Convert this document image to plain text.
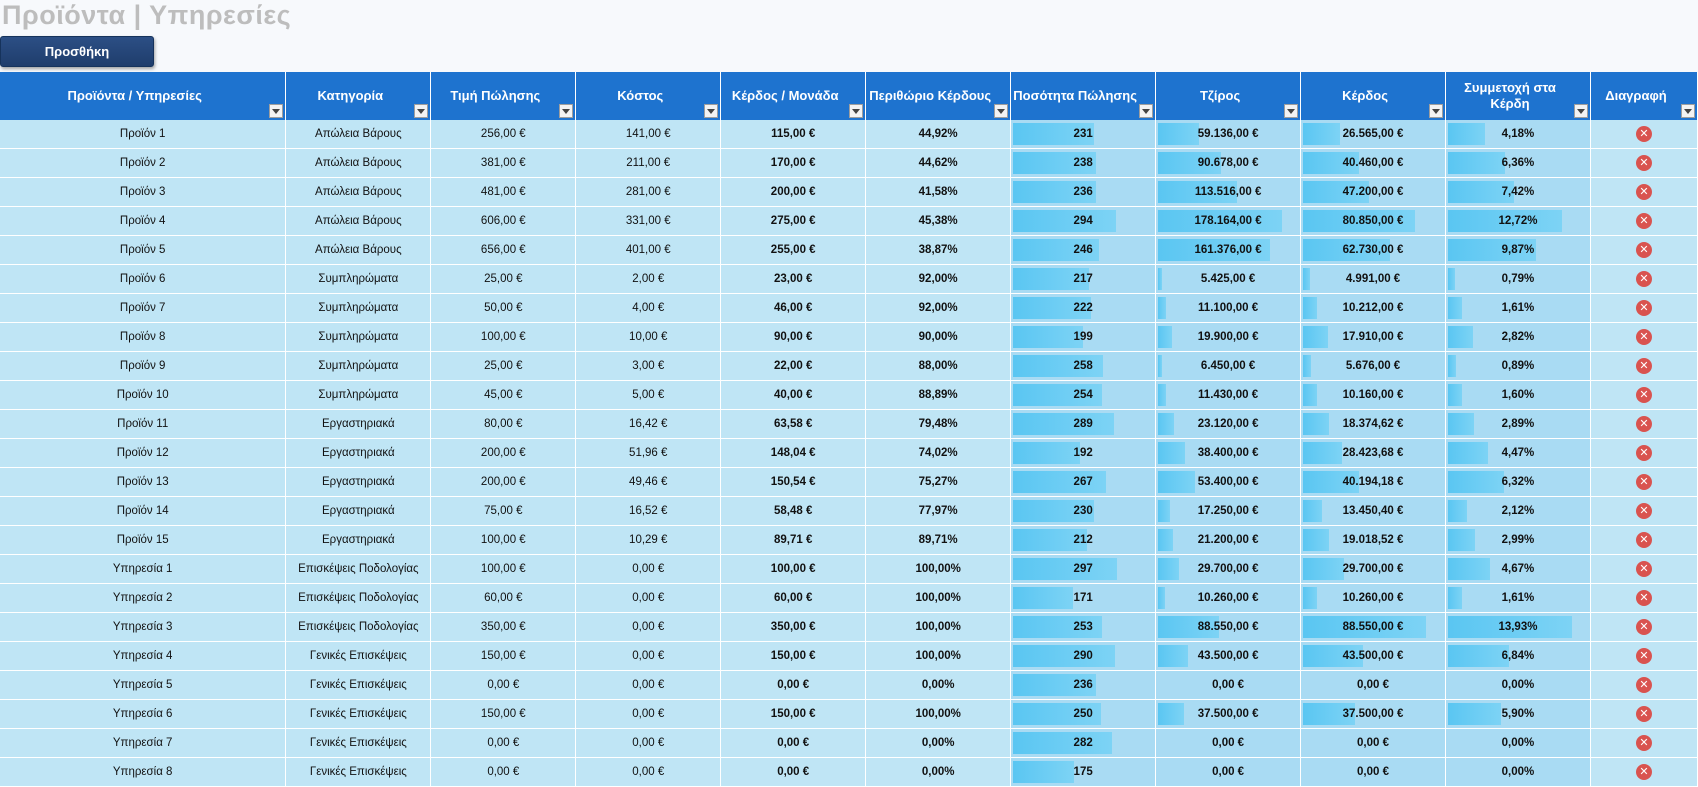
Προϊόντα | Υπηρεσίες
Προσθήκη
Προϊόντα / Υπηρεσίες	Κατηγορία	Τιμή Πώλησης	Κόστος	Κέρδος / Μονάδα	Περιθώριο Κέρδους	Ποσότητα Πώλησης	Τζίρος	Κέρδος	Συμμετοχή στα Κέρδη	Διαγραφή

Προϊόν 1	Απώλεια Βάρους	256,00 €	141,00 €	115,00 €	44,92%	231	59.136,00 €	26.565,00 €	4,18%	✕
Προϊόν 2	Απώλεια Βάρους	381,00 €	211,00 €	170,00 €	44,62%	238	90.678,00 €	40.460,00 €	6,36%	✕
Προϊόν 3	Απώλεια Βάρους	481,00 €	281,00 €	200,00 €	41,58%	236	113.516,00 €	47.200,00 €	7,42%	✕
Προϊόν 4	Απώλεια Βάρους	606,00 €	331,00 €	275,00 €	45,38%	294	178.164,00 €	80.850,00 €	12,72%	✕
Προϊόν 5	Απώλεια Βάρους	656,00 €	401,00 €	255,00 €	38,87%	246	161.376,00 €	62.730,00 €	9,87%	✕
Προϊόν 6	Συμπληρώματα	25,00 €	2,00 €	23,00 €	92,00%	217	5.425,00 €	4.991,00 €	0,79%	✕
Προϊόν 7	Συμπληρώματα	50,00 €	4,00 €	46,00 €	92,00%	222	11.100,00 €	10.212,00 €	1,61%	✕
Προϊόν 8	Συμπληρώματα	100,00 €	10,00 €	90,00 €	90,00%	199	19.900,00 €	17.910,00 €	2,82%	✕
Προϊόν 9	Συμπληρώματα	25,00 €	3,00 €	22,00 €	88,00%	258	6.450,00 €	5.676,00 €	0,89%	✕
Προϊόν 10	Συμπληρώματα	45,00 €	5,00 €	40,00 €	88,89%	254	11.430,00 €	10.160,00 €	1,60%	✕
Προϊόν 11	Εργαστηριακά	80,00 €	16,42 €	63,58 €	79,48%	289	23.120,00 €	18.374,62 €	2,89%	✕
Προϊόν 12	Εργαστηριακά	200,00 €	51,96 €	148,04 €	74,02%	192	38.400,00 €	28.423,68 €	4,47%	✕
Προϊόν 13	Εργαστηριακά	200,00 €	49,46 €	150,54 €	75,27%	267	53.400,00 €	40.194,18 €	6,32%	✕
Προϊόν 14	Εργαστηριακά	75,00 €	16,52 €	58,48 €	77,97%	230	17.250,00 €	13.450,40 €	2,12%	✕
Προϊόν 15	Εργαστηριακά	100,00 €	10,29 €	89,71 €	89,71%	212	21.200,00 €	19.018,52 €	2,99%	✕
Υπηρεσία 1	Επισκέψεις Ποδολογίας	100,00 €	0,00 €	100,00 €	100,00%	297	29.700,00 €	29.700,00 €	4,67%	✕
Υπηρεσία 2	Επισκέψεις Ποδολογίας	60,00 €	0,00 €	60,00 €	100,00%	171	10.260,00 €	10.260,00 €	1,61%	✕
Υπηρεσία 3	Επισκέψεις Ποδολογίας	350,00 €	0,00 €	350,00 €	100,00%	253	88.550,00 €	88.550,00 €	13,93%	✕
Υπηρεσία 4	Γενικές Επισκέψεις	150,00 €	0,00 €	150,00 €	100,00%	290	43.500,00 €	43.500,00 €	6,84%	✕
Υπηρεσία 5	Γενικές Επισκέψεις	0,00 €	0,00 €	0,00 €	0,00%	236	0,00 €	0,00 €	0,00%	✕
Υπηρεσία 6	Γενικές Επισκέψεις	150,00 €	0,00 €	150,00 €	100,00%	250	37.500,00 €	37.500,00 €	5,90%	✕
Υπηρεσία 7	Γενικές Επισκέψεις	0,00 €	0,00 €	0,00 €	0,00%	282	0,00 €	0,00 €	0,00%	✕
Υπηρεσία 8	Γενικές Επισκέψεις	0,00 €	0,00 €	0,00 €	0,00%	175	0,00 €	0,00 €	0,00%	✕
